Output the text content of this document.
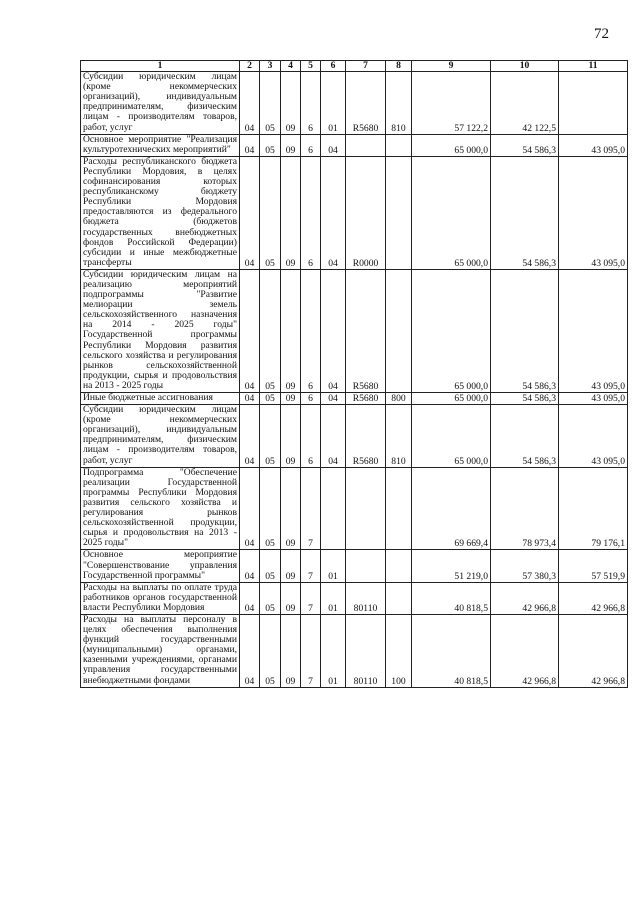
72
1	2	3	4	5	6	7	8	9	10	11
Субсидии юридическим лицам (кроме некоммерческих организаций), индивидуальным предпринимателям, физическим лицам - производителям товаров, работ, услуг	04	05	09	6	01	R5680	810	57 122,2	42 122,5	
Основное мероприятие "Реализация культуротехнических мероприятий"	04	05	09	6	04			65 000,0	54 586,3	43 095,0
Расходы республиканского бюджета Республики Мордовия, в целях софинансирования которых республиканскому бюджету Республики Мордовия предоставляются из федерального бюджета (бюджетов государственных внебюджетных фондов Российской Федерации) субсидии и иные межбюджетные трансферты	04	05	09	6	04	R0000		65 000,0	54 586,3	43 095,0
Субсидии юридическим лицам на реализацию мероприятий подпрограммы "Развитие мелиорации земель сельскохозяйственного назначения на 2014 - 2025 годы" Государственной программы Республики Мордовия развития сельского хозяйства и регулирования рынков сельскохозяйственной продукции, сырья и продовольствия на 2013 - 2025 годы	04	05	09	6	04	R5680		65 000,0	54 586,3	43 095,0
Иные бюджетные ассигнования	04	05	09	6	04	R5680	800	65 000,0	54 586,3	43 095,0
Субсидии юридическим лицам (кроме некоммерческих организаций), индивидуальным предпринимателям, физическим лицам - производителям товаров, работ, услуг	04	05	09	6	04	R5680	810	65 000,0	54 586,3	43 095,0
Подпрограмма "Обеспечение реализации Государственной программы Республики Мордовия развития сельского хозяйства и регулирования рынков сельскохозяйственной продукции, сырья и продовольствия на 2013 - 2025 годы"	04	05	09	7				69 669,4	78 973,4	79 176,1
Основное мероприятие "Совершенствование управления Государственной программы"	04	05	09	7	01			51 219,0	57 380,3	57 519,9
Расходы на выплаты по оплате труда работников органов государственной власти Республики Мордовия	04	05	09	7	01	80110		40 818,5	42 966,8	42 966,8
Расходы на выплаты персоналу в целях обеспечения выполнения функций государственными (муниципальными) органами, казенными учреждениями, органами управления государственными внебюджетными фондами	04	05	09	7	01	80110	100	40 818,5	42 966,8	42 966,8
